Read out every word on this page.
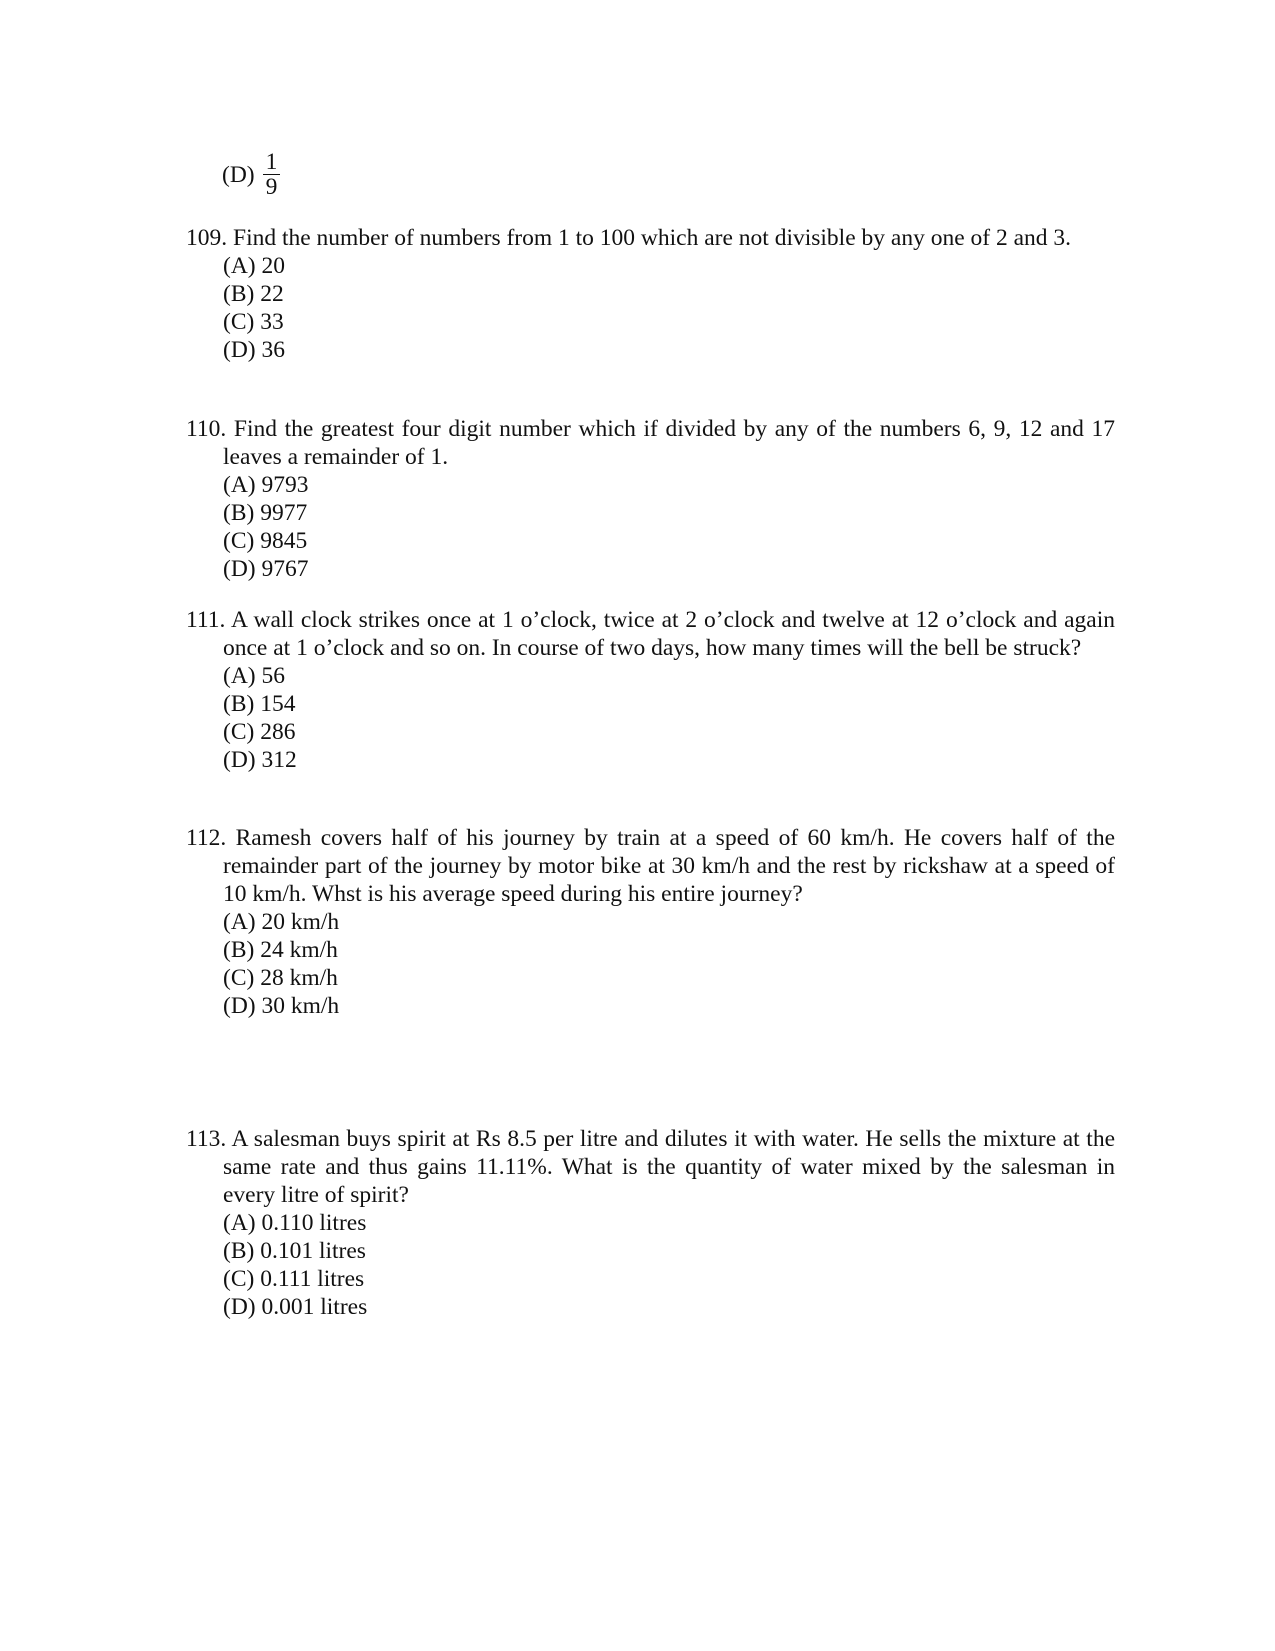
$(D) \frac{1}{9}$

109. Find the number of numbers from 1 to 100 which are not divisible by any one of 2 and 3.

(A) 20
(B) 22
(C) 33
(D) 36

110. Find the greatest four digit number which if divided by any of the numbers 6, 9, 12 and 17 leaves a remainder of 1.

(A) 9793
(B) 9977
(C) 9845
(D) 9767

111. A wall clock strikes once at 1 o’clock, twice at 2 o’clock and twelve at 12 o’clock and again once at 1 o’clock and so on. In course of two days, how many times will the bell be struck?

(A) 56
(B) 154
(C) 286
(D) 312

112. Ramesh covers half of his journey by train at a speed of 60 km/h. He covers half of the remainder part of the journey by motor bike at 30 km/h and the rest by rickshaw at a speed of 10 km/h. Whst is his average speed during his entire journey?

(A) 20 km/h
(B) 24 km/h
(C) 28 km/h
(D) 30 km/h

113. A salesman buys spirit at Rs 8.5 per litre and dilutes it with water. He sells the mixture at the same rate and thus gains 11.11%. What is the quantity of water mixed by the salesman in every litre of spirit?

(A) 0.110 litres
(B) 0.101 litres
(C) 0.111 litres
(D) 0.001 litres
